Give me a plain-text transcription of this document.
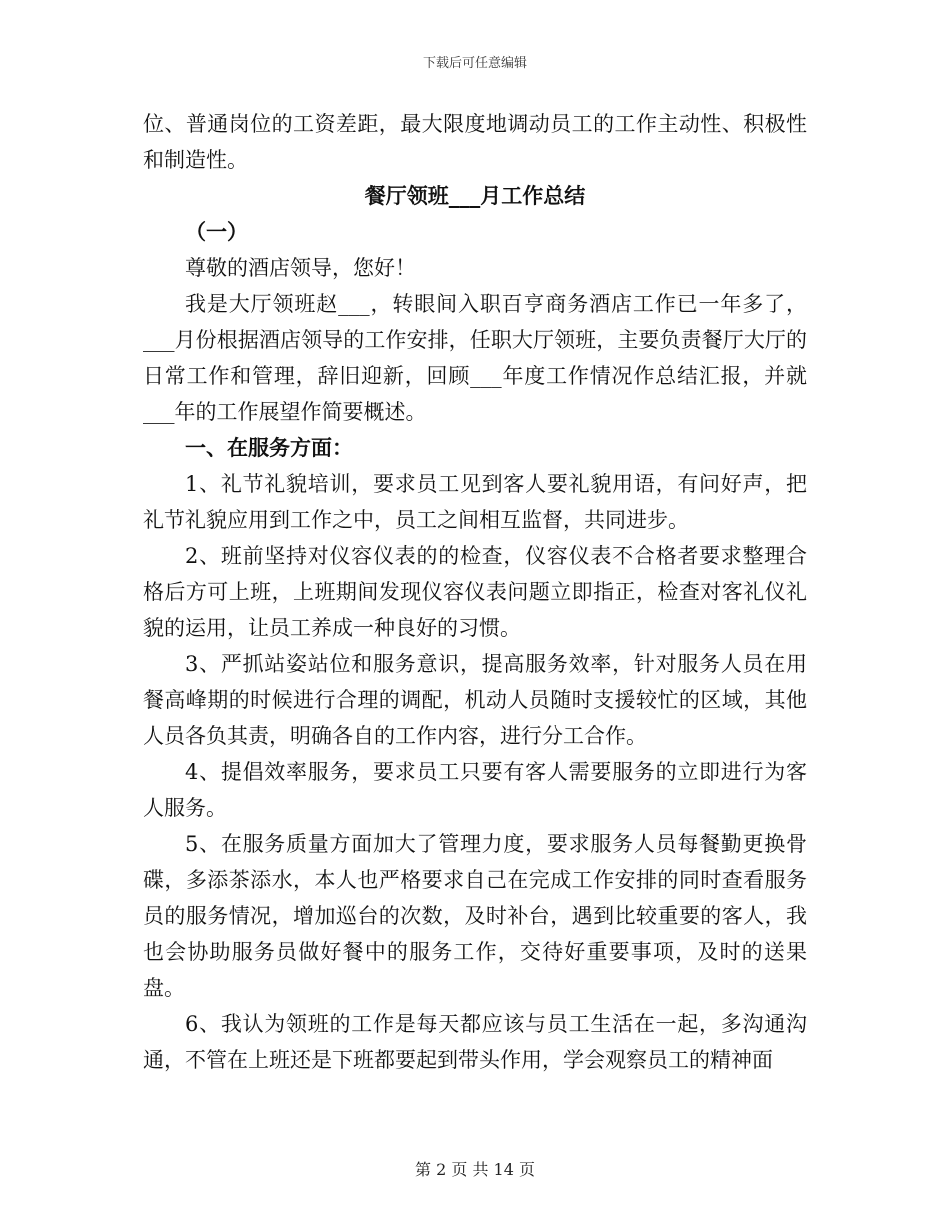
下载后可任意编辑

位、普通岗位的工资差距，最大限度地调动员工的工作主动性、积极性和制造性。

餐厅领班___月工作总结

（一）

尊敬的酒店领导，您好！

我是大厅领班赵___，转眼间入职百亨商务酒店工作已一年多了，___月份根据酒店领导的工作安排，任职大厅领班，主要负责餐厅大厅的日常工作和管理，辞旧迎新，回顾___年度工作情况作总结汇报，并就___年的工作展望作简要概述。

一、在服务方面：

1、礼节礼貌培训，要求员工见到客人要礼貌用语，有问好声，把礼节礼貌应用到工作之中，员工之间相互监督，共同进步。

2、班前坚持对仪容仪表的的检查，仪容仪表不合格者要求整理合格后方可上班，上班期间发现仪容仪表问题立即指正，检查对客礼仪礼貌的运用，让员工养成一种良好的习惯。

3、严抓站姿站位和服务意识，提高服务效率，针对服务人员在用餐高峰期的时候进行合理的调配，机动人员随时支援较忙的区域，其他人员各负其责，明确各自的工作内容，进行分工合作。

4、提倡效率服务，要求员工只要有客人需要服务的立即进行为客人服务。

5、在服务质量方面加大了管理力度，要求服务人员每餐勤更换骨碟，多添茶添水，本人也严格要求自己在完成工作安排的同时查看服务员的服务情况，增加巡台的次数，及时补台，遇到比较重要的客人，我也会协助服务员做好餐中的服务工作，交待好重要事项，及时的送果盘。

6、我认为领班的工作是每天都应该与员工生活在一起，多沟通沟通，不管在上班还是下班都要起到带头作用，学会观察员工的精神面

第 2 页 共 14 页
